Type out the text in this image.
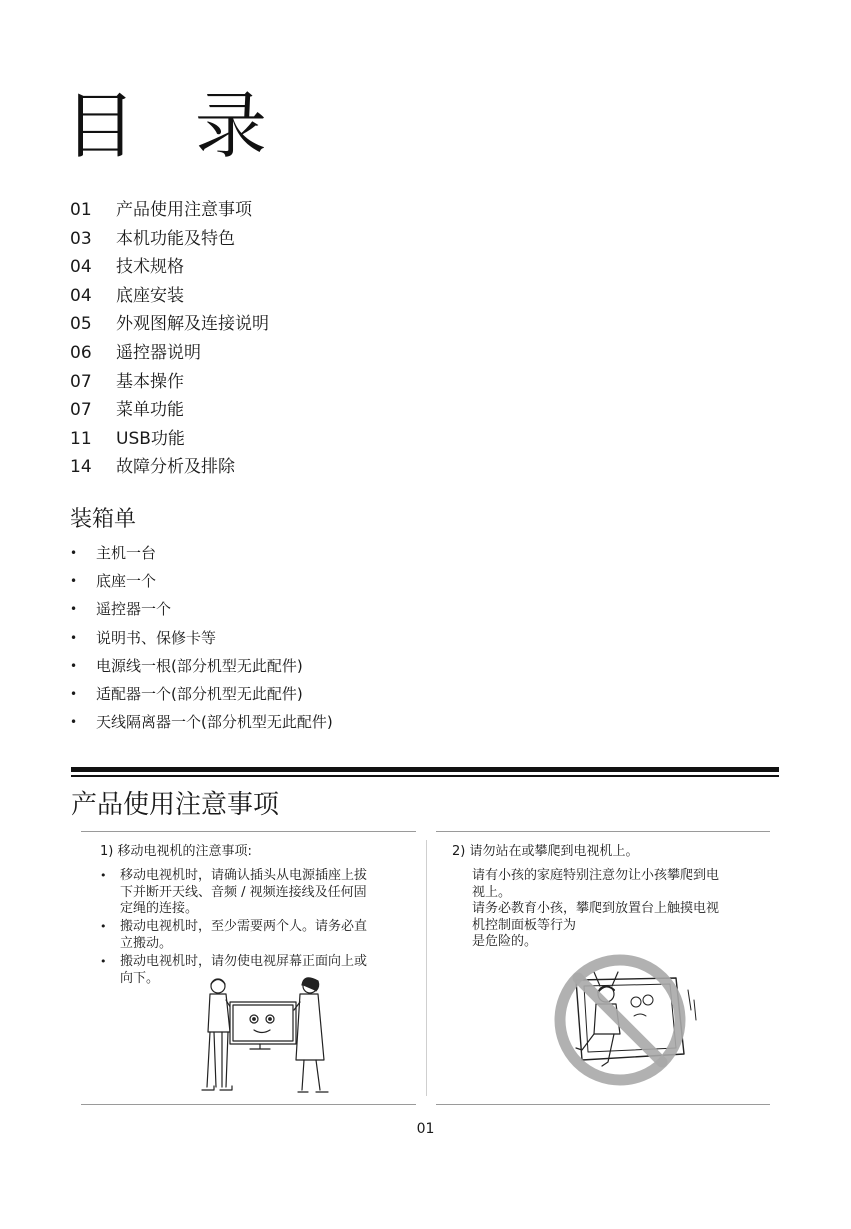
目 录
01 产品使用注意事项
03 本机功能及特色
04 技术规格
04 底座安装
05 外观图解及连接说明
06 遥控器说明
07 基本操作
07 菜单功能
11 USB功能
14 故障分析及排除
装箱单
• 主机一台
• 底座一个
• 遥控器一个
• 说明书、保修卡等
• 电源线一根(部分机型无此配件)
• 适配器一个(部分机型无此配件)
• 天线隔离器一个(部分机型无此配件)
产品使用注意事项
1) 移动电视机的注意事项:
• 移动电视机时，请确认插头从电源插座上拔
下并断开天线、音频 / 视频连接线及任何固
定绳的连接。
• 搬动电视机时，至少需要两个人。请务必直
立搬动。
• 搬动电视机时，请勿使电视屏幕正面向上或
向下。
2) 请勿站在或攀爬到电视机上。
请有小孩的家庭特别注意勿让小孩攀爬到电
视上。
请务必教育小孩，攀爬到放置台上触摸电视
机控制面板等行为
是危险的。
01
